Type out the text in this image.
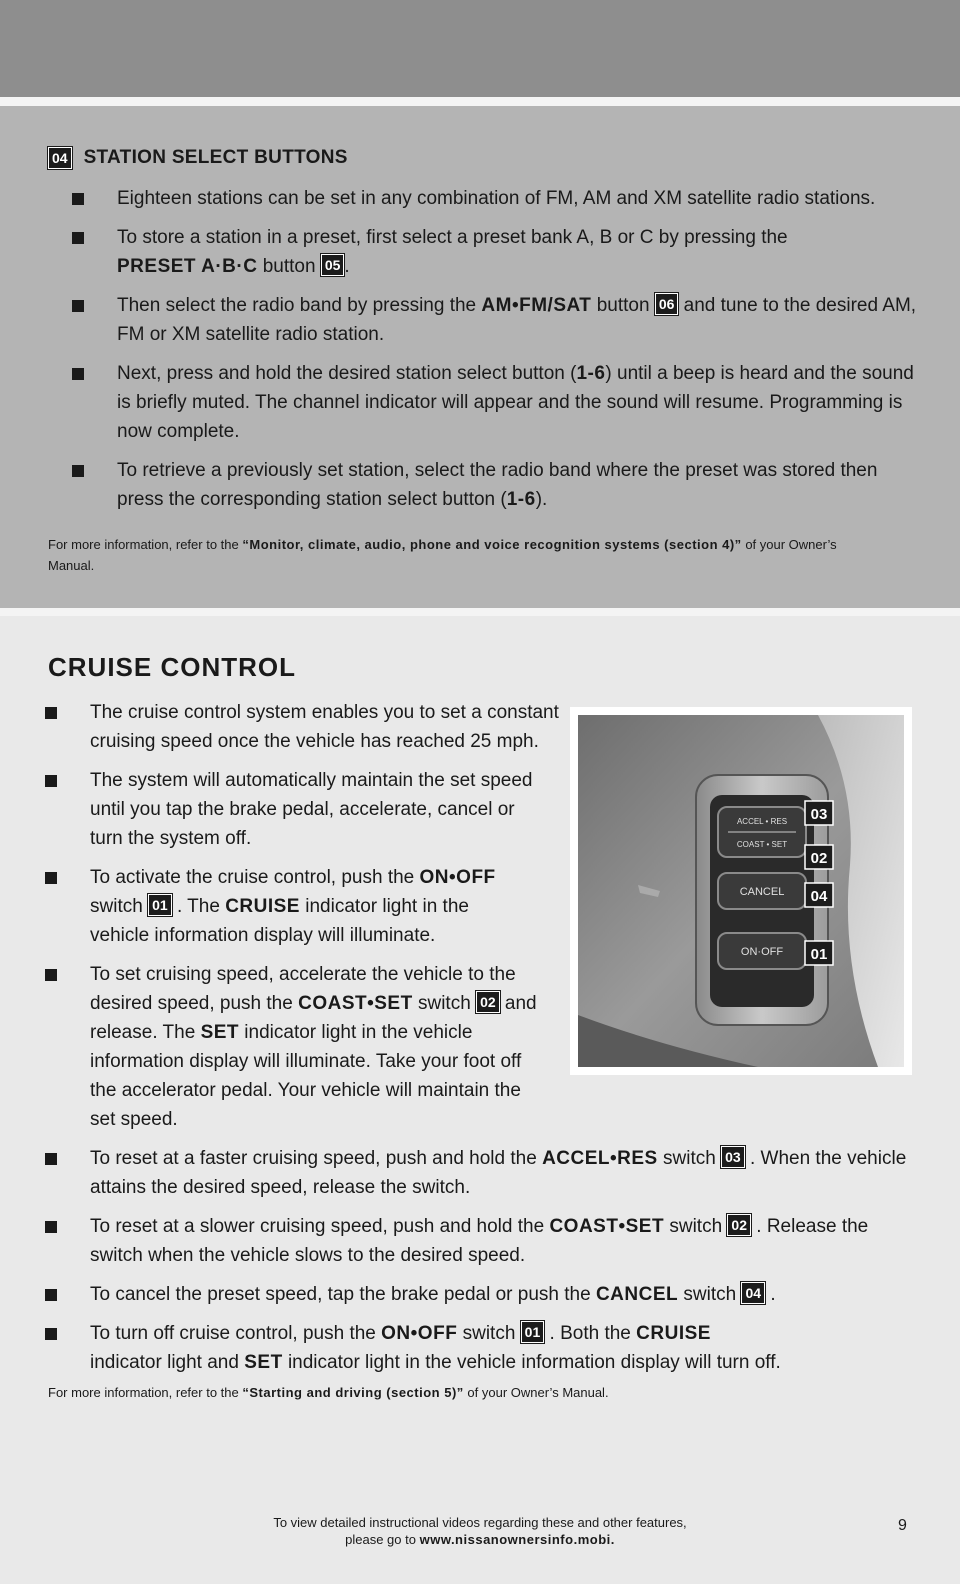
04 STATION SELECT BUTTONS
Eighteen stations can be set in any combination of FM, AM and XM satellite radio stations.
To store a station in a preset, first select a preset bank A, B or C by pressing the
PRESET A·B·C button 05 .
Then select the radio band by pressing the AM•FM/SAT button 06 and tune to the desired AM, FM or XM satellite radio station.
Next, press and hold the desired station select button (1-6) until a beep is heard and the sound is briefly muted. The channel indicator will appear and the sound will resume. Programming is now complete.
To retrieve a previously set station, select the radio band where the preset was stored then press the corresponding station select button (1-6).
For more information, refer to the “Monitor, climate, audio, phone and voice recognition systems (section 4)” of your Owner’s Manual.
CRUISE CONTROL
ACCEL • RES
COAST • SET
CANCEL
ON·OFF
03
02
04
01
The cruise control system enables you to set a constant cruising speed once the vehicle has reached 25 mph.
The system will automatically maintain the set speed until you tap the brake pedal, accelerate, cancel or turn the system off.
To activate the cruise control, push the ON•OFF switch 01 . The CRUISE indicator light in the vehicle information display will illuminate.
To set cruising speed, accelerate the vehicle to the desired speed, push the COAST•SET switch 02 and release. The SET indicator light in the vehicle information display will illuminate. Take your foot off the accelerator pedal. Your vehicle will maintain the set speed.
To reset at a faster cruising speed, push and hold the ACCEL•RES switch 03 . When the vehicle attains the desired speed, release the switch.
To reset at a slower cruising speed, push and hold the COAST•SET switch 02 . Release the switch when the vehicle slows to the desired speed.
To cancel the preset speed, tap the brake pedal or push the CANCEL switch 04 .
To turn off cruise control, push the ON•OFF switch 01 . Both the CRUISE
indicator light and SET indicator light in the vehicle information display will turn off.
For more information, refer to the “Starting and driving (section 5)” of your Owner’s Manual.
To view detailed instructional videos regarding these and other features,
please go to www.nissanownersinfo.mobi.
9
